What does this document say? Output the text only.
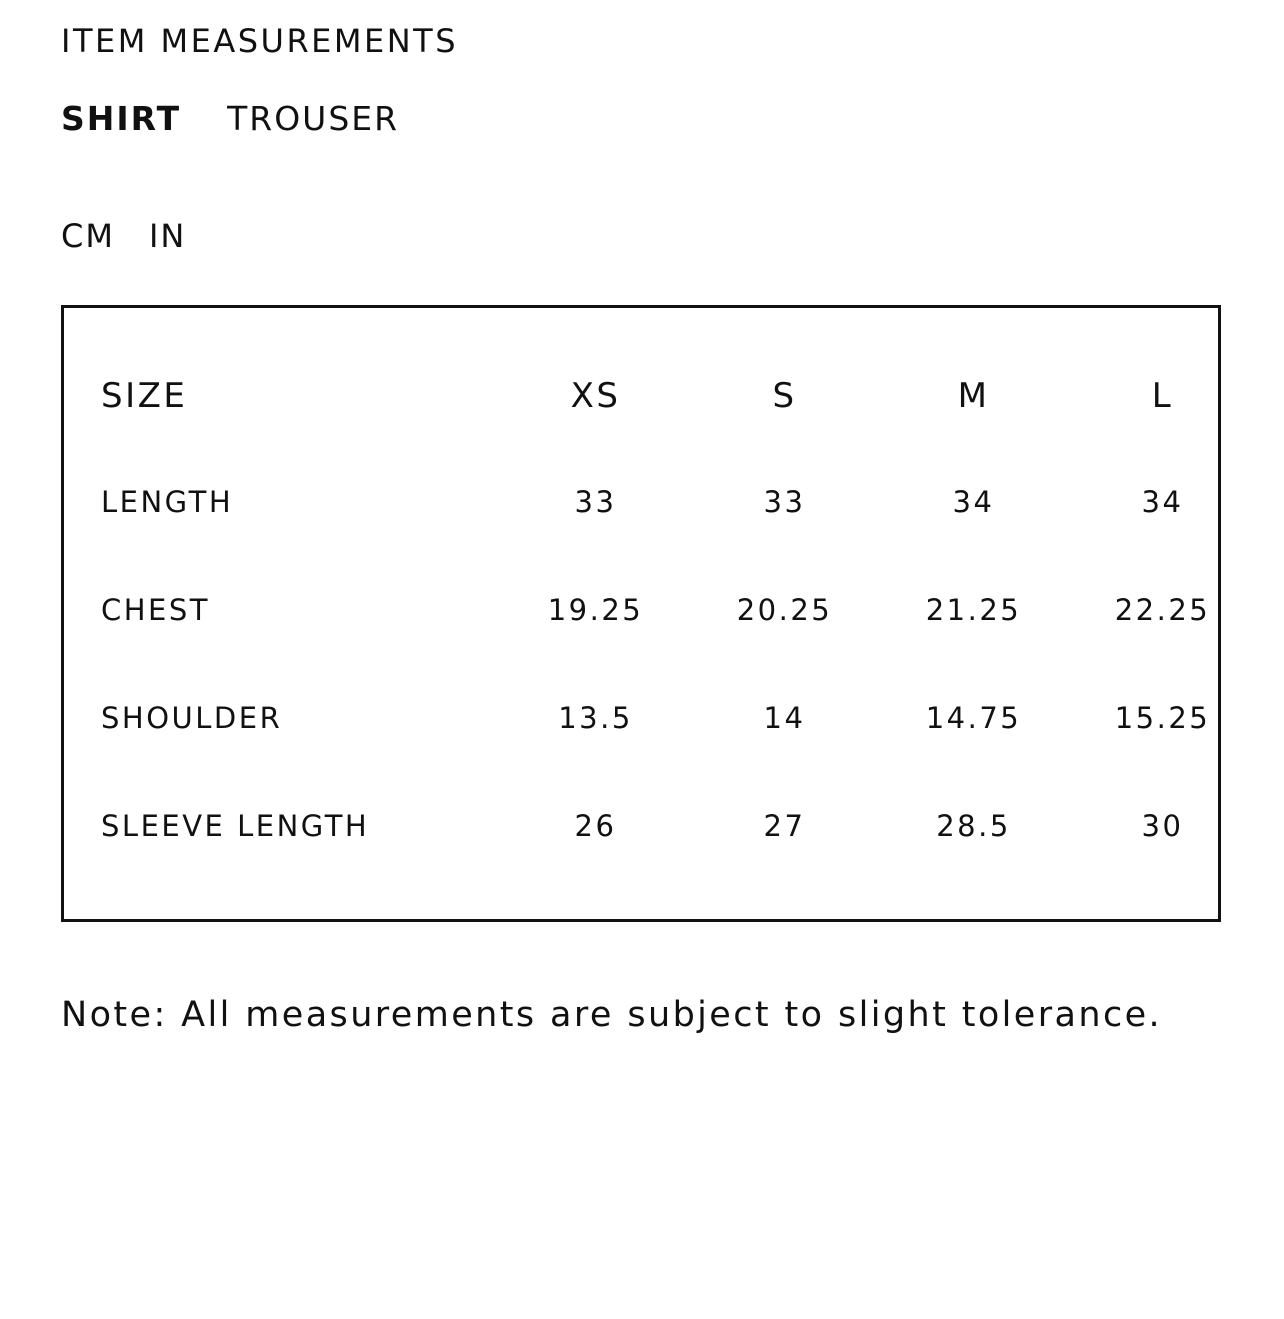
ITEM MEASUREMENTS
SHIRT TROUSER
CM IN
SIZE	XS	S	M	L
LENGTH	33	33	34	34
CHEST	19.25	20.25	21.25	22.25
SHOULDER	13.5	14	14.75	15.25
SLEEVE LENGTH	26	27	28.5	30
Note: All measurements are subject to slight tolerance.
